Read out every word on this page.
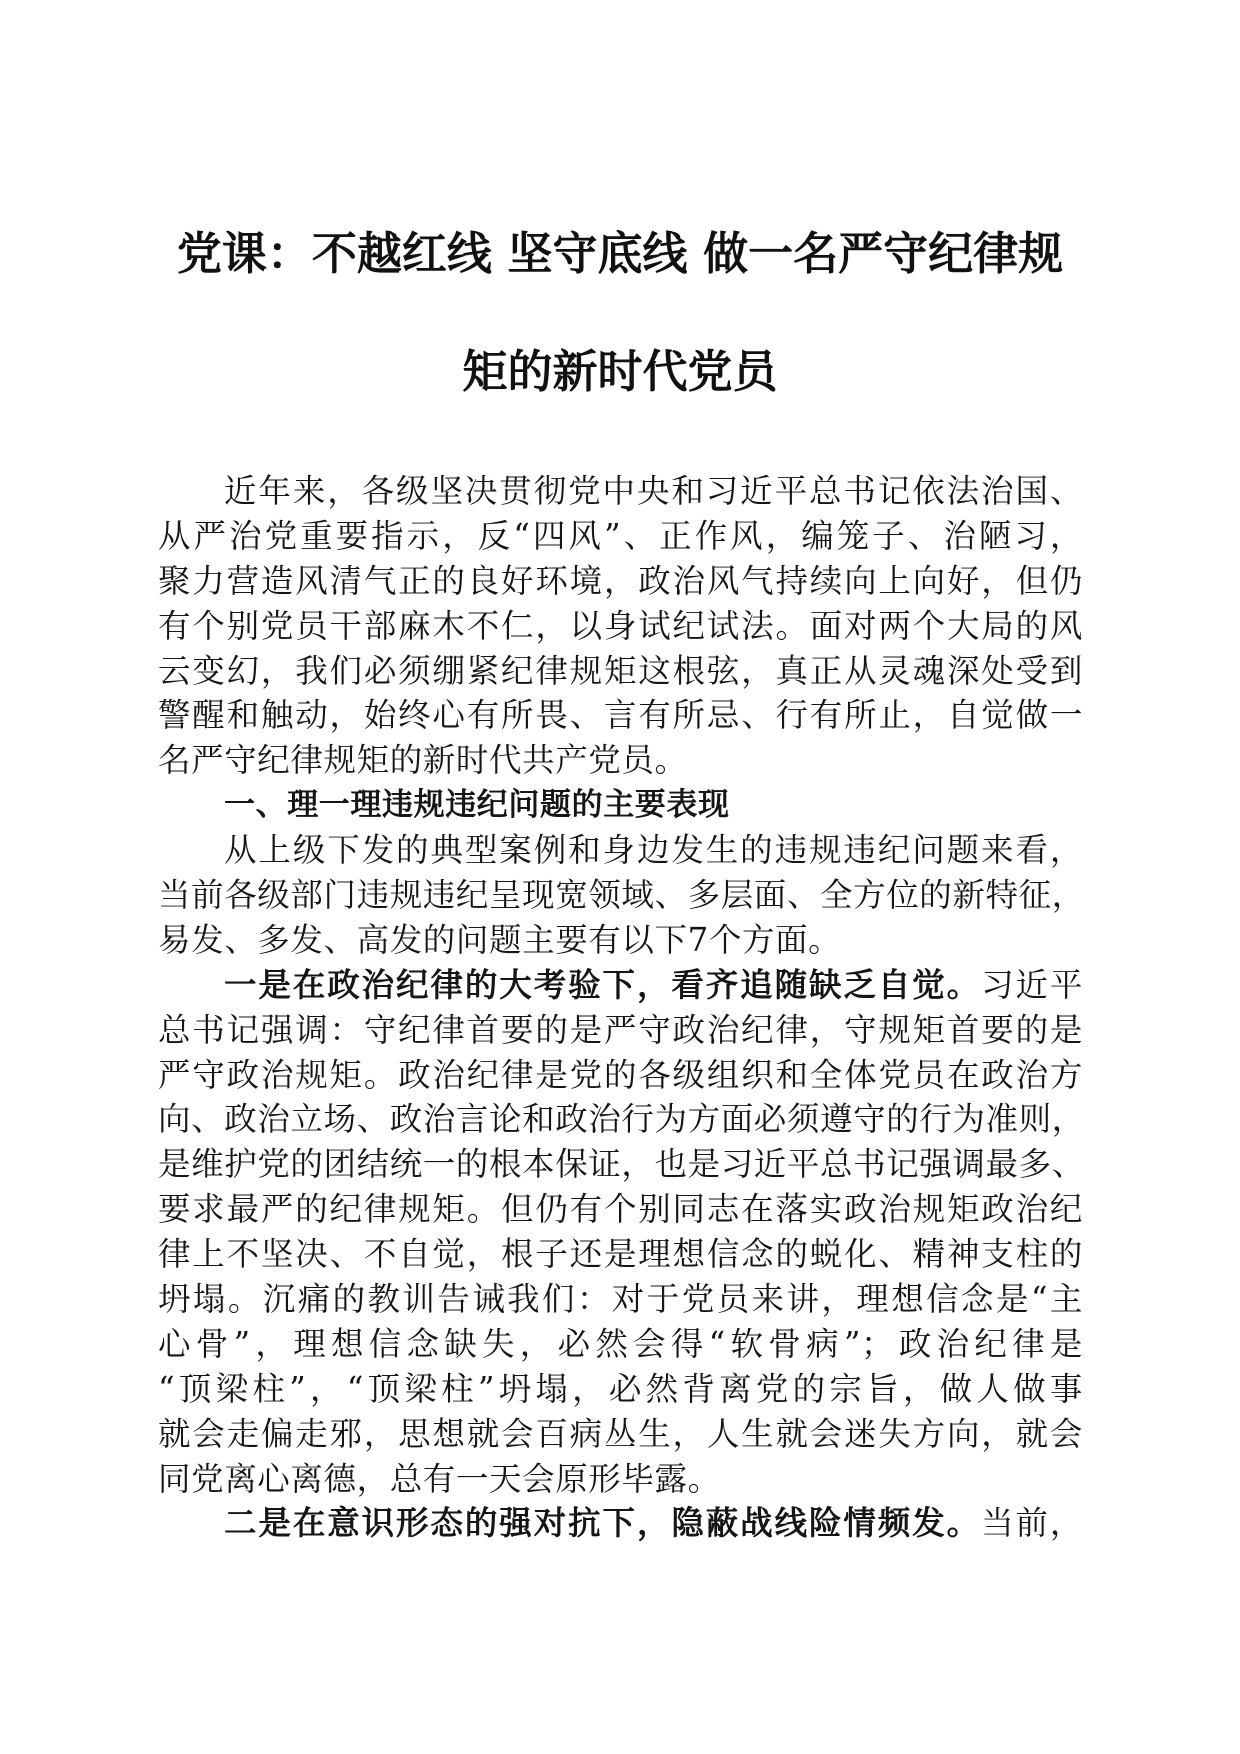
党课：不越红线 坚守底线 做一名严守纪律规
矩的新时代党员
近年来，各级坚决贯彻党中央和习近平总书记依法治国、
从严治党重要指示，反“四风”、正作风，编笼子、治陋习，
聚力营造风清气正的良好环境，政治风气持续向上向好，但仍
有个别党员干部麻木不仁，以身试纪试法。面对两个大局的风
云变幻，我们必须绷紧纪律规矩这根弦，真正从灵魂深处受到
警醒和触动，始终心有所畏、言有所忌、行有所止，自觉做一
名严守纪律规矩的新时代共产党员。
一、理一理违规违纪问题的主要表现
从上级下发的典型案例和身边发生的违规违纪问题来看，
当前各级部门违规违纪呈现宽领域、多层面、全方位的新特征，
易发、多发、高发的问题主要有以下7个方面。
一是在政治纪律的大考验下，看齐追随缺乏自觉。习近平
总书记强调：守纪律首要的是严守政治纪律，守规矩首要的是
严守政治规矩。政治纪律是党的各级组织和全体党员在政治方
向、政治立场、政治言论和政治行为方面必须遵守的行为准则，
是维护党的团结统一的根本保证，也是习近平总书记强调最多、
要求最严的纪律规矩。但仍有个别同志在落实政治规矩政治纪
律上不坚决、不自觉，根子还是理想信念的蜕化、精神支柱的
坍塌。沉痛的教训告诫我们：对于党员来讲，理想信念是“主
心骨”，理想信念缺失，必然会得“软骨病”；政治纪律是
“顶梁柱”，“顶梁柱”坍塌，必然背离党的宗旨，做人做事
就会走偏走邪，思想就会百病丛生，人生就会迷失方向，就会
同党离心离德，总有一天会原形毕露。
二是在意识形态的强对抗下，隐蔽战线险情频发。当前，
